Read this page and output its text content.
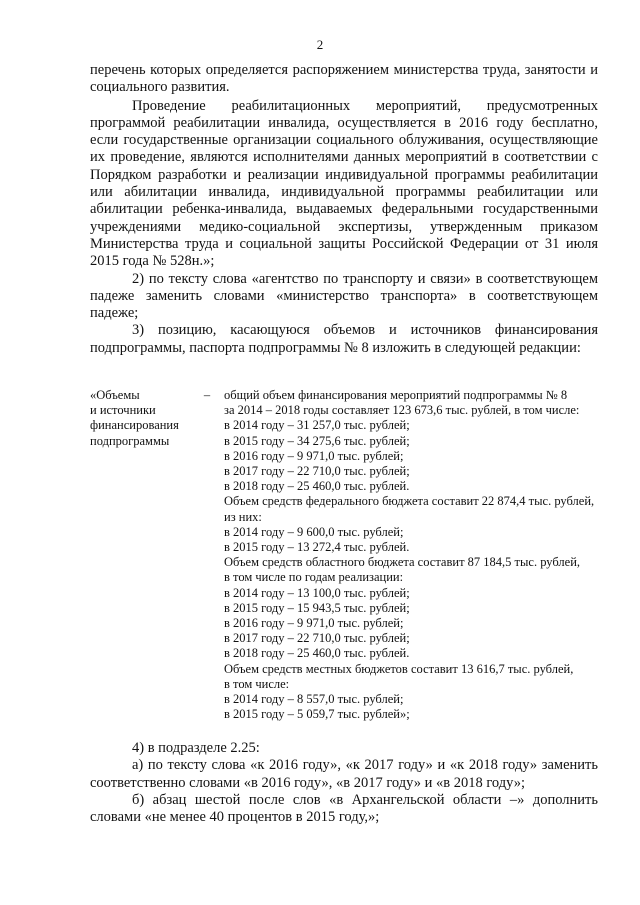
2

перечень которых определяется распоряжением министерства труда, занятости и социального развития.

Проведение реабилитационных мероприятий, предусмотренных программой реабилитации инвалида, осуществляется в 2016 году бесплатно, если государственные организации социального облуживания, осуществляющие их проведение, являются исполнителями данных мероприятий в соответствии с Порядком разработки и реализации индивидуальной программы реабилитации или абилитации инвалида, индивидуальной программы реабилитации или абилитации ребенка-инвалида, выдаваемых федеральными государственными учреждениями медико-социальной экспертизы, утвержденным приказом Министерства труда и социальной защиты Российской Федерации от 31 июля 2015 года № 528н.»;

2) по тексту слова «агентство по транспорту и связи» в соответствующем падеже заменить словами «министерство транспорта» в соответствующем падеже;

3) позицию, касающуюся объемов и источников финансирования подпрограммы, паспорта подпрограммы № 8 изложить в следующей редакции:

«Объемы
и источники
финансирования
подпрограммы
– общий объем финансирования мероприятий подпрограммы № 8
за 2014 – 2018 годы составляет 123 673,6 тыс. рублей, в том числе:
в 2014 году – 31 257,0 тыс. рублей;
в 2015 году – 34 275,6 тыс. рублей;
в 2016 году – 9 971,0 тыс. рублей;
в 2017 году – 22 710,0 тыс. рублей;
в 2018 году – 25 460,0 тыс. рублей.
Объем средств федерального бюджета составит 22 874,4 тыс. рублей,
из них:
в 2014 году – 9 600,0 тыс. рублей;
в 2015 году – 13 272,4 тыс. рублей.
Объем средств областного бюджета составит 87 184,5 тыс. рублей,
в том числе по годам реализации:
в 2014 году – 13 100,0 тыс. рублей;
в 2015 году – 15 943,5 тыс. рублей;
в 2016 году – 9 971,0 тыс. рублей;
в 2017 году – 22 710,0 тыс. рублей;
в 2018 году – 25 460,0 тыс. рублей.
Объем средств местных бюджетов составит 13 616,7 тыс. рублей,
в том числе:
в 2014 году – 8 557,0 тыс. рублей;
в 2015 году – 5 059,7 тыс. рублей»;

4) в подразделе 2.25:

а) по тексту слова «к 2016 году», «к 2017 году» и «к 2018 году» заменить соответственно словами «в 2016 году», «в 2017 году» и «в 2018 году»;

б) абзац шестой после слов «в Архангельской области –» дополнить словами «не менее 40 процентов в 2015 году,»;
